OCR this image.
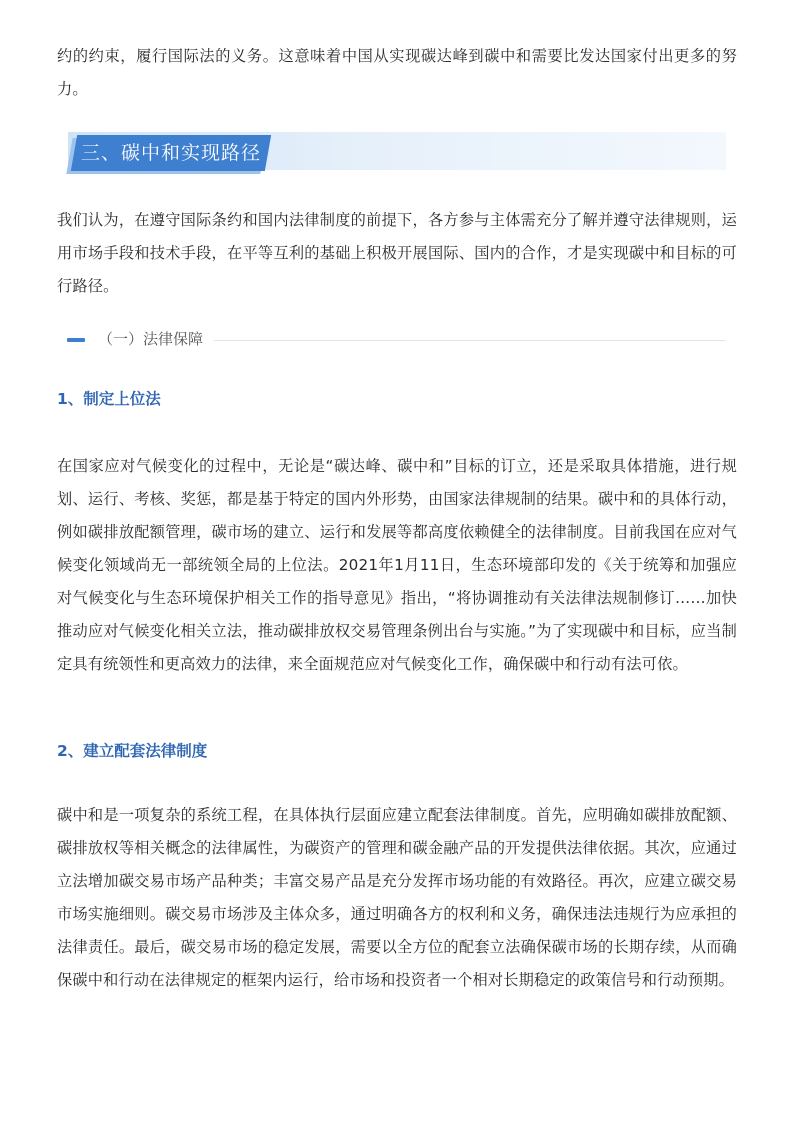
约的约束，履行国际法的义务。这意味着中国从实现碳达峰到碳中和需要比发达国家付出更多的努力。

三、碳中和实现路径

我们认为，在遵守国际条约和国内法律制度的前提下，各方参与主体需充分了解并遵守法律规则，运用市场手段和技术手段，在平等互利的基础上积极开展国际、国内的合作，才是实现碳中和目标的可行路径。

（一）法律保障
1、制定上位法

在国家应对气候变化的过程中，无论是“碳达峰、碳中和”目标的订立，还是采取具体措施，进行规划、运行、考核、奖惩，都是基于特定的国内外形势，由国家法律规制的结果。碳中和的具体行动，例如碳排放配额管理，碳市场的建立、运行和发展等都高度依赖健全的法律制度。目前我国在应对气候变化领域尚无一部统领全局的上位法。2021年1月11日，生态环境部印发的《关于统筹和加强应对气候变化与生态环境保护相关工作的指导意见》指出，“将协调推动有关法律法规制修订……加快推动应对气候变化相关立法，推动碳排放权交易管理条例出台与实施。”为了实现碳中和目标，应当制定具有统领性和更高效力的法律，来全面规范应对气候变化工作，确保碳中和行动有法可依。

2、建立配套法律制度

碳中和是一项复杂的系统工程，在具体执行层面应建立配套法律制度。首先，应明确如碳排放配额、碳排放权等相关概念的法律属性，为碳资产的管理和碳金融产品的开发提供法律依据。其次，应通过立法增加碳交易市场产品种类；丰富交易产品是充分发挥市场功能的有效路径。再次，应建立碳交易市场实施细则。碳交易市场涉及主体众多，通过明确各方的权利和义务，确保违法违规行为应承担的法律责任。最后，碳交易市场的稳定发展，需要以全方位的配套立法确保碳市场的长期存续，从而确保碳中和行动在法律规定的框架内运行，给市场和投资者一个相对长期稳定的政策信号和行动预期。
